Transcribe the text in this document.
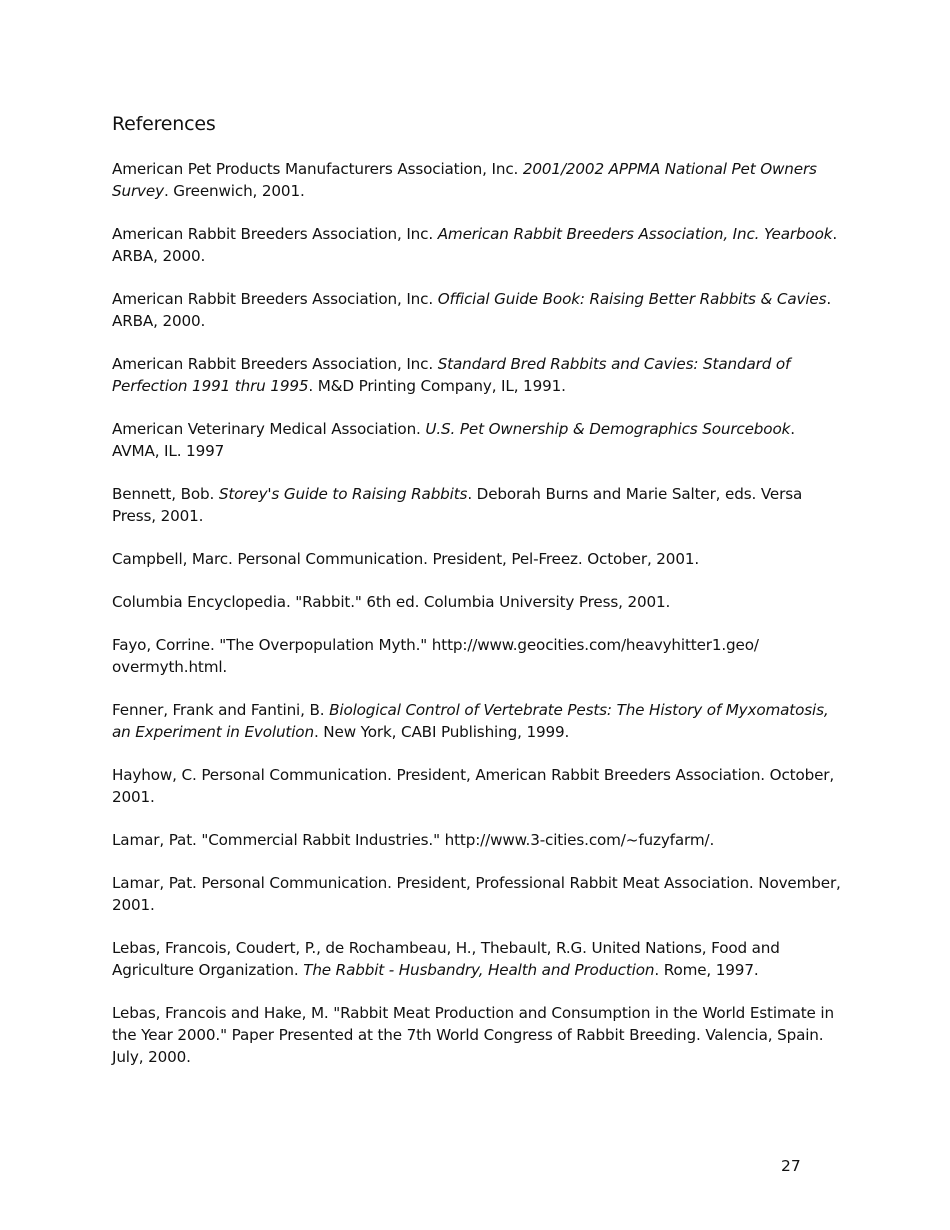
References
American Pet Products Manufacturers Association, Inc. 2001/2002 APPMA National Pet Owners Survey. Greenwich, 2001.
American Rabbit Breeders Association, Inc. American Rabbit Breeders Association, Inc. Yearbook. ARBA, 2000.
American Rabbit Breeders Association, Inc. Official Guide Book: Raising Better Rabbits & Cavies. ARBA, 2000.
American Rabbit Breeders Association, Inc. Standard Bred Rabbits and Cavies: Standard of Perfection 1991 thru 1995. M&D Printing Company, IL, 1991.
American Veterinary Medical Association. U.S. Pet Ownership & Demographics Sourcebook. AVMA, IL. 1997
Bennett, Bob. Storey's Guide to Raising Rabbits. Deborah Burns and Marie Salter, eds. Versa Press, 2001.
Campbell, Marc. Personal Communication. President, Pel-Freez. October, 2001.
Columbia Encyclopedia. "Rabbit." 6th ed. Columbia University Press, 2001.
Fayo, Corrine. "The Overpopulation Myth." http://www.geocities.com/heavyhitter1.geo/ overmyth.html.
Fenner, Frank and Fantini, B. Biological Control of Vertebrate Pests: The History of Myxomatosis, an Experiment in Evolution. New York, CABI Publishing, 1999.
Hayhow, C. Personal Communication. President, American Rabbit Breeders Association. October, 2001.
Lamar, Pat. "Commercial Rabbit Industries." http://www.3-cities.com/~fuzyfarm/.
Lamar, Pat. Personal Communication. President, Professional Rabbit Meat Association. November, 2001.
Lebas, Francois, Coudert, P., de Rochambeau, H., Thebault, R.G. United Nations, Food and Agriculture Organization. The Rabbit - Husbandry, Health and Production. Rome, 1997.
Lebas, Francois and Hake, M. "Rabbit Meat Production and Consumption in the World Estimate in the Year 2000." Paper Presented at the 7th World Congress of Rabbit Breeding. Valencia, Spain. July, 2000.
27
